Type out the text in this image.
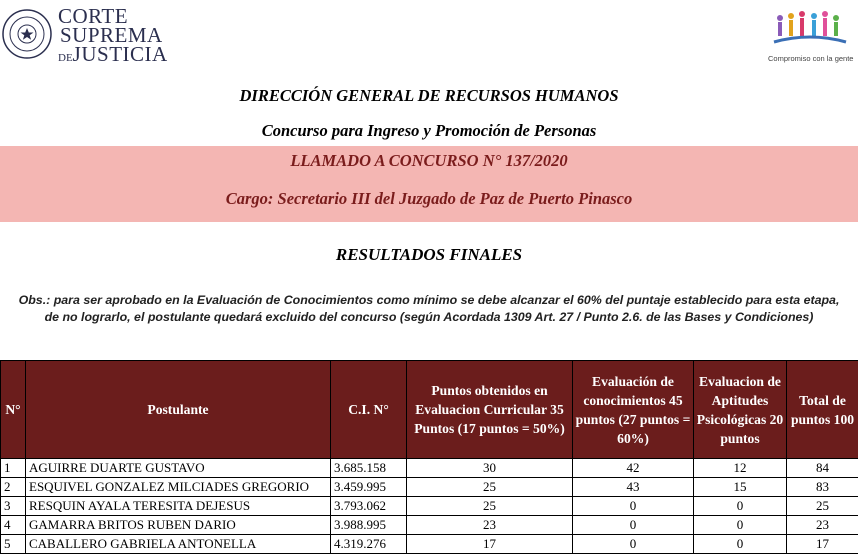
CORTE
SUPREMA
DEJUSTICIA	Compromiso con la gente
DIRECCIÓN GENERAL DE RECURSOS HUMANOS
Concurso para Ingreso y Promoción de Personas
LLAMADO A CONCURSO N° 137/2020
Cargo: Secretario III del Juzgado de Paz de Puerto Pinasco
RESULTADOS FINALES
Obs.: para ser aprobado en la Evaluación de Conocimientos como mínimo se debe alcanzar el 60% del puntaje establecido para esta etapa, de no lograrlo, el postulante quedará excluido del concurso (según Acordada 1309 Art. 27 / Punto 2.6. de las Bases y Condiciones)
N°	Postulante	C.I. N°	Puntos obtenidos en Evaluacion Curricular 35 Puntos (17 puntos = 50%)	Evaluación de conocimientos 45 puntos (27 puntos = 60%)	Evaluacion de Aptitudes Psicológicas 20 puntos	Total de puntos 100
1	AGUIRRE DUARTE GUSTAVO	3.685.158	30	42	12	84
2	ESQUIVEL GONZALEZ MILCIADES GREGORIO	3.459.995	25	43	15	83
3	RESQUIN AYALA TERESITA DEJESUS	3.793.062	25	0	0	25
4	GAMARRA BRITOS RUBEN DARIO	3.988.995	23	0	0	23
5	CABALLERO GABRIELA ANTONELLA	4.319.276	17	0	0	17
